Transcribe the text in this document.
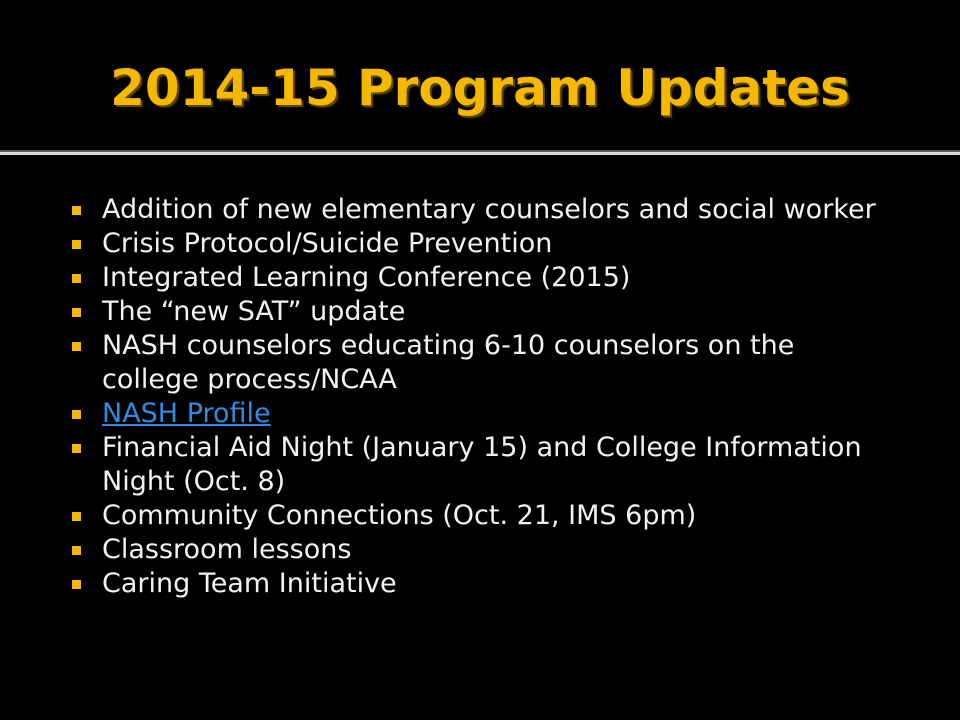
2014-15 Program Updates
Addition of new elementary counselors and social worker
Crisis Protocol/Suicide Prevention
Integrated Learning Conference (2015)
The “new SAT” update
NASH counselors educating 6-10 counselors on the college process/NCAA
NASH Profile
Financial Aid Night (January 15) and College Information Night (Oct. 8)
Community Connections (Oct. 21, IMS 6pm)
Classroom lessons
Caring Team Initiative
